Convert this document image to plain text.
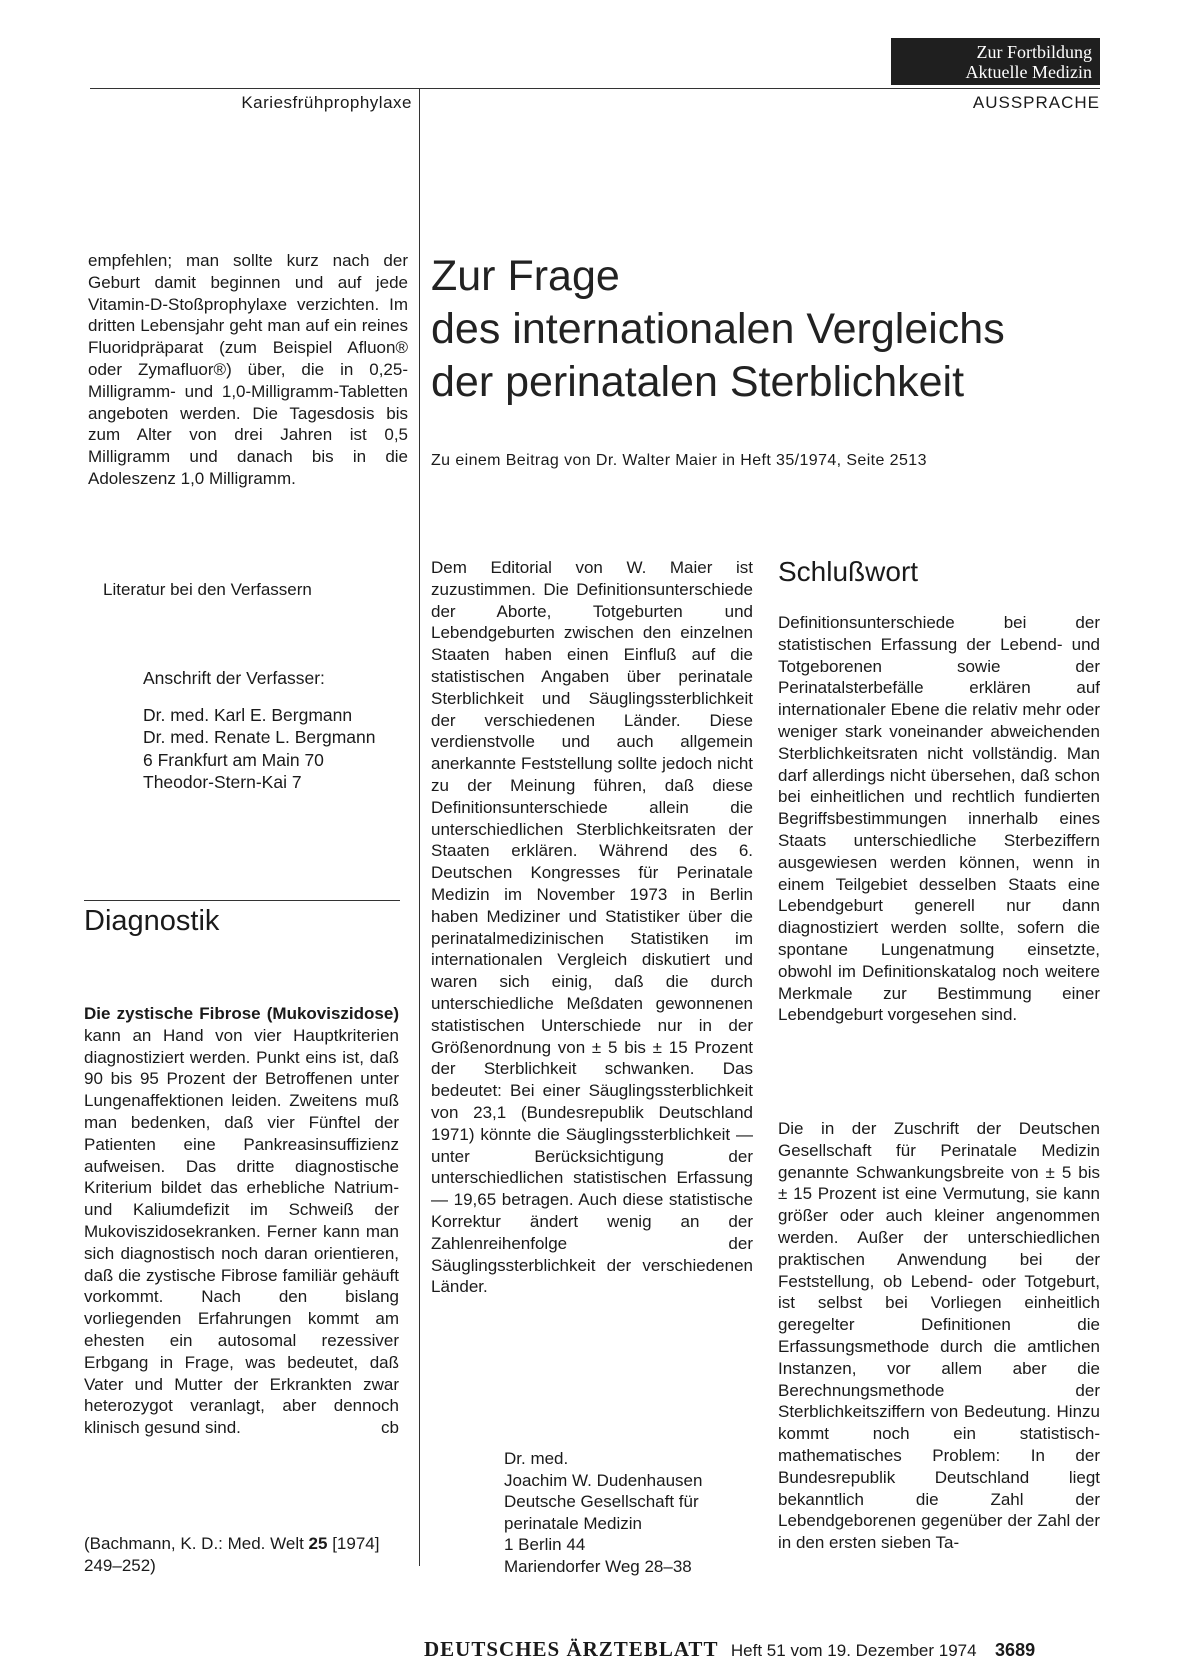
Zur Fortbildung
Aktuelle Medizin
Kariesfrühprophylaxe	AUSSPRACHE
empfehlen; man sollte kurz nach der Geburt damit beginnen und auf jede Vitamin-D-Stoßprophylaxe verzichten. Im dritten Lebensjahr geht man auf ein reines Fluoridpräparat (zum Beispiel Afluon® oder Zymafluor®) über, die in 0,25-Milligramm- und 1,0-Milligramm-Tabletten angeboten werden. Die Tagesdosis bis zum Alter von drei Jahren ist 0,5 Milligramm und danach bis in die Adoleszenz 1,0 Milligramm.
Literatur bei den Verfassern
Anschrift der Verfasser:
Dr. med. Karl E. Bergmann
Dr. med. Renate L. Bergmann
6 Frankfurt am Main 70
Theodor-Stern-Kai 7
Diagnostik
Die zystische Fibrose (Mukoviszidose) kann an Hand von vier Hauptkriterien diagnostiziert werden. Punkt eins ist, daß 90 bis 95 Prozent der Betroffenen unter Lungenaffektionen leiden. Zweitens muß man bedenken, daß vier Fünftel der Patienten eine Pankreasinsuffizienz aufweisen. Das dritte diagnostische Kriterium bildet das erhebliche Natrium- und Kaliumdefizit im Schweiß der Mukoviszidosekranken. Ferner kann man sich diagnostisch noch daran orientieren, daß die zystische Fibrose familiär gehäuft vorkommt. Nach den bislang vorliegenden Erfahrungen kommt am ehesten ein autosomal rezessiver Erbgang in Frage, was bedeutet, daß Vater und Mutter der Erkrankten zwar heterozygot veranlagt, aber dennoch klinisch gesund sind.	cb
(Bachmann, K. D.: Med. Welt 25 [1974] 249–252)
Zur Frage
des internationalen Vergleichs
der perinatalen Sterblichkeit
Zu einem Beitrag von Dr. Walter Maier in Heft 35/1974, Seite 2513
Dem Editorial von W. Maier ist zuzustimmen. Die Definitionsunterschiede der Aborte, Totgeburten und Lebendgeburten zwischen den einzelnen Staaten haben einen Einfluß auf die statistischen Angaben über perinatale Sterblichkeit und Säuglingssterblichkeit der verschiedenen Länder. Diese verdienstvolle und auch allgemein anerkannte Feststellung sollte jedoch nicht zu der Meinung führen, daß diese Definitionsunterschiede allein die unterschiedlichen Sterblichkeitsraten der Staaten erklären. Während des 6. Deutschen Kongresses für Perinatale Medizin im November 1973 in Berlin haben Mediziner und Statistiker über die perinatalmedizinischen Statistiken im internationalen Vergleich diskutiert und waren sich einig, daß die durch unterschiedliche Meßdaten gewonnenen statistischen Unterschiede nur in der Größenordnung von ± 5 bis ± 15 Prozent der Sterblichkeit schwanken. Das bedeutet: Bei einer Säuglingssterblichkeit von 23,1 (Bundesrepublik Deutschland 1971) könnte die Säuglingssterblichkeit — unter Berücksichtigung der unterschiedlichen statistischen Erfassung — 19,65 betragen. Auch diese statistische Korrektur ändert wenig an der Zahlenreihenfolge der Säuglingssterblichkeit der verschiedenen Länder.
Dr. med.
Joachim W. Dudenhausen
Deutsche Gesellschaft für
perinatale Medizin
1 Berlin 44
Mariendorfer Weg 28–38
Schlußwort
Definitionsunterschiede bei der statistischen Erfassung der Lebend- und Totgeborenen sowie der Perinatalsterbefälle erklären auf internationaler Ebene die relativ mehr oder weniger stark voneinander abweichenden Sterblichkeitsraten nicht vollständig. Man darf allerdings nicht übersehen, daß schon bei einheitlichen und rechtlich fundierten Begriffsbestimmungen innerhalb eines Staats unterschiedliche Sterbeziffern ausgewiesen werden können, wenn in einem Teilgebiet desselben Staats eine Lebendgeburt generell nur dann diagnostiziert werden sollte, sofern die spontane Lungenatmung einsetzte, obwohl im Definitionskatalog noch weitere Merkmale zur Bestimmung einer Lebendgeburt vorgesehen sind.
Die in der Zuschrift der Deutschen Gesellschaft für Perinatale Medizin genannte Schwankungsbreite von ± 5 bis ± 15 Prozent ist eine Vermutung, sie kann größer oder auch kleiner angenommen werden. Außer der unterschiedlichen praktischen Anwendung bei der Feststellung, ob Lebend- oder Totgeburt, ist selbst bei Vorliegen einheitlich geregelter Definitionen die Erfassungsmethode durch die amtlichen Instanzen, vor allem aber die Berechnungsmethode der Sterblichkeitsziffern von Bedeutung. Hinzu kommt noch ein statistisch-mathematisches Problem: In der Bundesrepublik Deutschland liegt bekanntlich die Zahl der Lebendgeborenen gegenüber der Zahl der in den ersten sieben Ta-
DEUTSCHES ÄRZTEBLATT Heft 51 vom 19. Dezember 1974 3689
